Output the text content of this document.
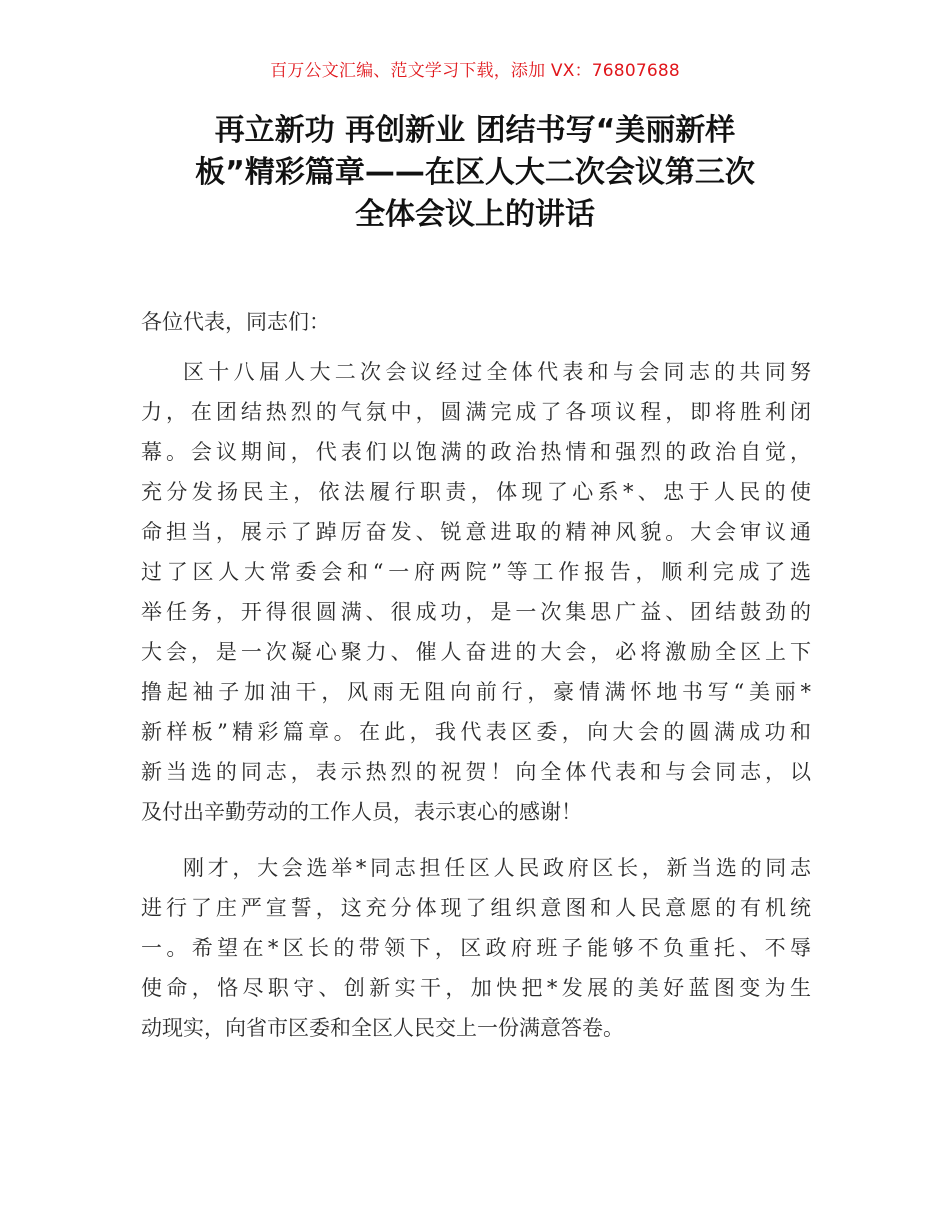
百万公文汇编、范文学习下载，添加 VX：76807688
再立新功 再创新业 团结书写“美丽新样
板”精彩篇章——在区人大二次会议第三次
全体会议上的讲话
各位代表，同志们：
区十八届人大二次会议经过全体代表和与会同志的共同努
力，在团结热烈的气氛中，圆满完成了各项议程，即将胜利闭
幕。会议期间，代表们以饱满的政治热情和强烈的政治自觉，
充分发扬民主，依法履行职责，体现了心系*、忠于人民的使
命担当，展示了踔厉奋发、锐意进取的精神风貌。大会审议通
过了区人大常委会和“一府两院”等工作报告，顺利完成了选
举任务，开得很圆满、很成功，是一次集思广益、团结鼓劲的
大会，是一次凝心聚力、催人奋进的大会，必将激励全区上下
撸起袖子加油干，风雨无阻向前行，豪情满怀地书写“美丽*
新样板”精彩篇章。在此，我代表区委，向大会的圆满成功和
新当选的同志，表示热烈的祝贺！向全体代表和与会同志，以
及付出辛勤劳动的工作人员，表示衷心的感谢！
刚才，大会选举*同志担任区人民政府区长，新当选的同志
进行了庄严宣誓，这充分体现了组织意图和人民意愿的有机统
一。希望在*区长的带领下，区政府班子能够不负重托、不辱
使命，恪尽职守、创新实干，加快把*发展的美好蓝图变为生
动现实，向省市区委和全区人民交上一份满意答卷。
